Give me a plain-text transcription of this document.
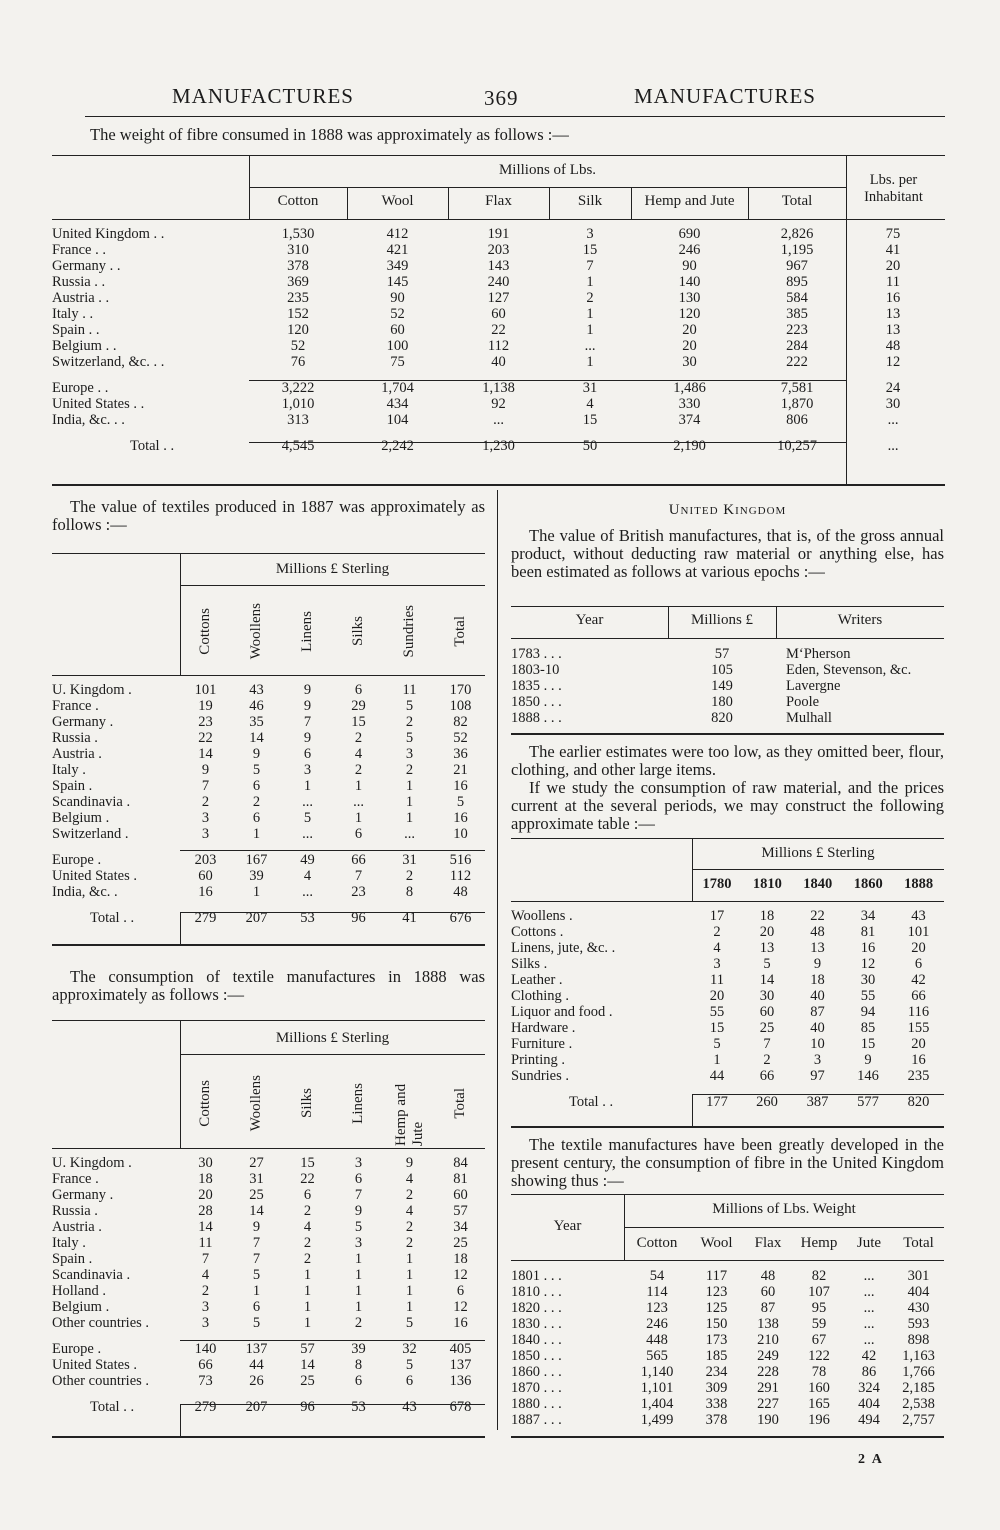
MANUFACTURES	369	MANUFACTURES
The weight of fibre consumed in 1888 was approximately as follows :—
Millions of Lbs.
Lbs. per Inhabitant
Cotton	Wool	Flax	Silk	Hemp and Jute	Total
United Kingdom . .	1,530	412	191	3	690	2,826	75
France . .	310	421	203	15	246	1,195	41
Germany . .	378	349	143	7	90	967	20
Russia . .	369	145	240	1	140	895	11
Austria . .	235	90	127	2	130	584	16
Italy . .	152	52	60	1	120	385	13
Spain . .	120	60	22	1	20	223	13
Belgium . .	52	100	112	...	20	284	48
Switzerland, &c. . .	76	75	40	1	30	222	12

Europe . .	3,222	1,704	1,138	31	1,486	7,581	24
United States . .	1,010	434	92	4	330	1,870	30
India, &c. . .	313	104	...	15	374	806	...

Total . .	4,545	2,242	1,230	50	2,190	10,257	...
The value of textiles produced in 1887 was approximately as follows :—
Millions £ Sterling
Cottons Woollens Linens Silks Sundries Total
U. Kingdom .	101	43	9	6	11	170
France .	19	46	9	29	5	108
Germany .	23	35	7	15	2	82
Russia .	22	14	9	2	5	52
Austria .	14	9	6	4	3	36
Italy .	9	5	3	2	2	21
Spain .	7	6	1	1	1	16
Scandinavia .	2	2	...	...	1	5
Belgium .	3	6	5	1	1	16
Switzerland .	3	1	...	6	...	10

Europe .	203	167	49	66	31	516
United States .	60	39	4	7	2	112
India, &c. .	16	1	...	23	8	48

Total . .	279	207	53	96	41	676
The consumption of textile manufactures in 1888 was approximately as follows :—
Millions £ Sterling
Cottons Woollens Silks Linens Hemp and Jute
Total
U. Kingdom .	30	27	15	3	9	84
France .	18	31	22	6	4	81
Germany .	20	25	6	7	2	60
Russia .	28	14	2	9	4	57
Austria .	14	9	4	5	2	34
Italy .	11	7	2	3	2	25
Spain .	7	7	2	1	1	18
Scandinavia .	4	5	1	1	1	12
Holland .	2	1	1	1	1	6
Belgium .	3	6	1	1	1	12
Other countries .	3	5	1	2	5	16

Europe .	140	137	57	39	32	405
United States .	66	44	14	8	5	137
Other countries .	73	26	25	6	6	136

Total . .	279	207	96	53	43	678
United Kingdom
The value of British manufactures, that is, of the gross annual product, without deducting raw material or anything else, has been estimated as follows at various epochs :—
Year	Millions £	Writers
1783 . . .	57	M‘Pherson
1803-10	105	Eden, Stevenson, &c.
1835 . . .	149	Lavergne
1850 . . .	180	Poole
1888 . . .	820	Mulhall
The earlier estimates were too low, as they omitted beer, flour, clothing, and other large items.
If we study the consumption of raw material, and the prices current at the several periods, we may construct the following approximate table :—
Millions £ Sterling
1780	1810	1840	1860	1888
Woollens .	17	18	22	34	43
Cottons .	2	20	48	81	101
Linens, jute, &c. .	4	13	13	16	20
Silks .	3	5	9	12	6
Leather .	11	14	18	30	42
Clothing .	20	30	40	55	66
Liquor and food .	55	60	87	94	116
Hardware .	15	25	40	85	155
Furniture .	5	7	10	15	20
Printing .	1	2	3	9	16
Sundries .	44	66	97	146	235

Total . .	177	260	387	577	820
The textile manufactures have been greatly developed in the present century, the consumption of fibre in the United Kingdom showing thus :—
Millions of Lbs. Weight
Year
Cotton	Wool	Flax	Hemp	Jute	Total
1801 . . .	54	117	48	82	...	301
1810 . . .	114	123	60	107	...	404
1820 . . .	123	125	87	95	...	430
1830 . . .	246	150	138	59	...	593
1840 . . .	448	173	210	67	...	898
1850 . . .	565	185	249	122	42	1,163
1860 . . .	1,140	234	228	78	86	1,766
1870 . . .	1,101	309	291	160	324	2,185
1880 . . .	1,404	338	227	165	404	2,538
1887 . . .	1,499	378	190	196	494	2,757
2 A
